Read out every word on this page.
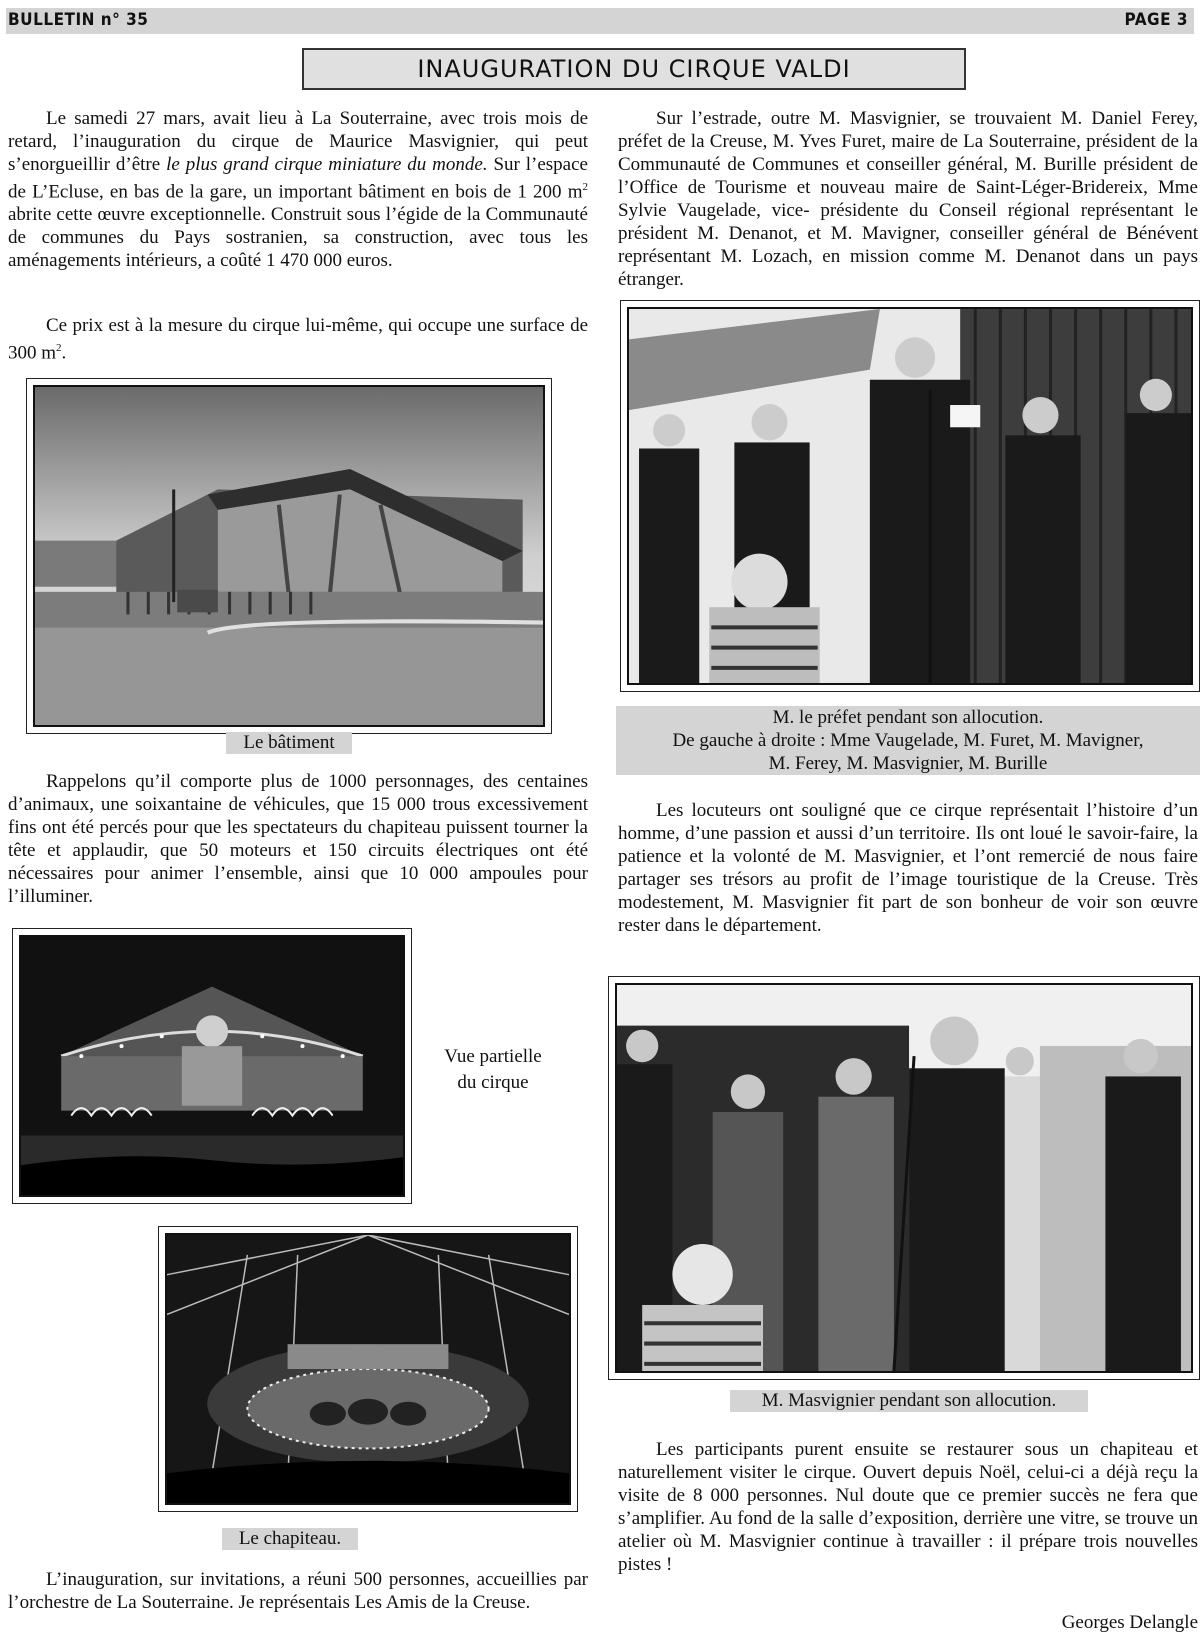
BULLETIN n° 35	PAGE 3
INAUGURATION DU CIRQUE VALDI

Le samedi 27 mars, avait lieu à La Souterraine, avec trois mois de retard, l’inauguration du cirque de Maurice Masvignier, qui peut s’enorgueillir d’être le plus grand cirque miniature du monde. Sur l’espace de L’Ecluse, en bas de la gare, un important bâtiment en bois de 1 200 $m^2$ abrite cette œuvre exceptionnelle. Construit sous l’égide de la Communauté de communes du Pays sostranien, sa construction, avec tous les aménagements intérieurs, a coûté 1 470 000 euros.

Ce prix est à la mesure du cirque lui-même, qui occupe une surface de 300 $m^2$.

Le bâtiment

Rappelons qu’il comporte plus de 1000 personnages, des centaines d’animaux, une soixantaine de véhicules, que 15 000 trous excessivement fins ont été percés pour que les spectateurs du chapiteau puissent tourner la tête et applaudir, que 50 moteurs et 150 circuits électriques ont été nécessaires pour animer l’ensemble, ainsi que 10 000 ampoules pour l’illuminer.

Vue partielle
du cirque
Le chapiteau.

L’inauguration, sur invitations, a réuni 500 personnes, accueillies par l’orchestre de La Souterraine. Je représentais Les Amis de la Creuse.

Sur l’estrade, outre M. Masvignier, se trouvaient M. Daniel Ferey, préfet de la Creuse, M. Yves Furet, maire de La Souterraine, président de la Communauté de Communes et conseiller général, M. Burille président de l’Office de Tourisme et nouveau maire de Saint-Léger-Bridereix, Mme Sylvie Vaugelade, vice- présidente du Conseil régional représentant le président M. Denanot, et M. Mavigner, conseiller général de Bénévent représentant M. Lozach, en mission comme M. Denanot dans un pays étranger.

M. le préfet pendant son allocution.
De gauche à droite : Mme Vaugelade, M. Furet, M. Mavigner,
M. Ferey, M. Masvignier, M. Burille

Les locuteurs ont souligné que ce cirque représentait l’histoire d’un homme, d’une passion et aussi d’un territoire. Ils ont loué le savoir-faire, la patience et la volonté de M. Masvignier, et l’ont remercié de nous faire partager ses trésors au profit de l’image touristique de la Creuse. Très modestement, M. Masvignier fit part de son bonheur de voir son œuvre rester dans le département.

M. Masvignier pendant son allocution.

Les participants purent ensuite se restaurer sous un chapiteau et naturellement visiter le cirque. Ouvert depuis Noël, celui-ci a déjà reçu la visite de 8 000 personnes. Nul doute que ce premier succès ne fera que s’amplifier. Au fond de la salle d’exposition, derrière une vitre, se trouve un atelier où M. Masvignier continue à travailler : il prépare trois nouvelles pistes !

Georges Delangle
